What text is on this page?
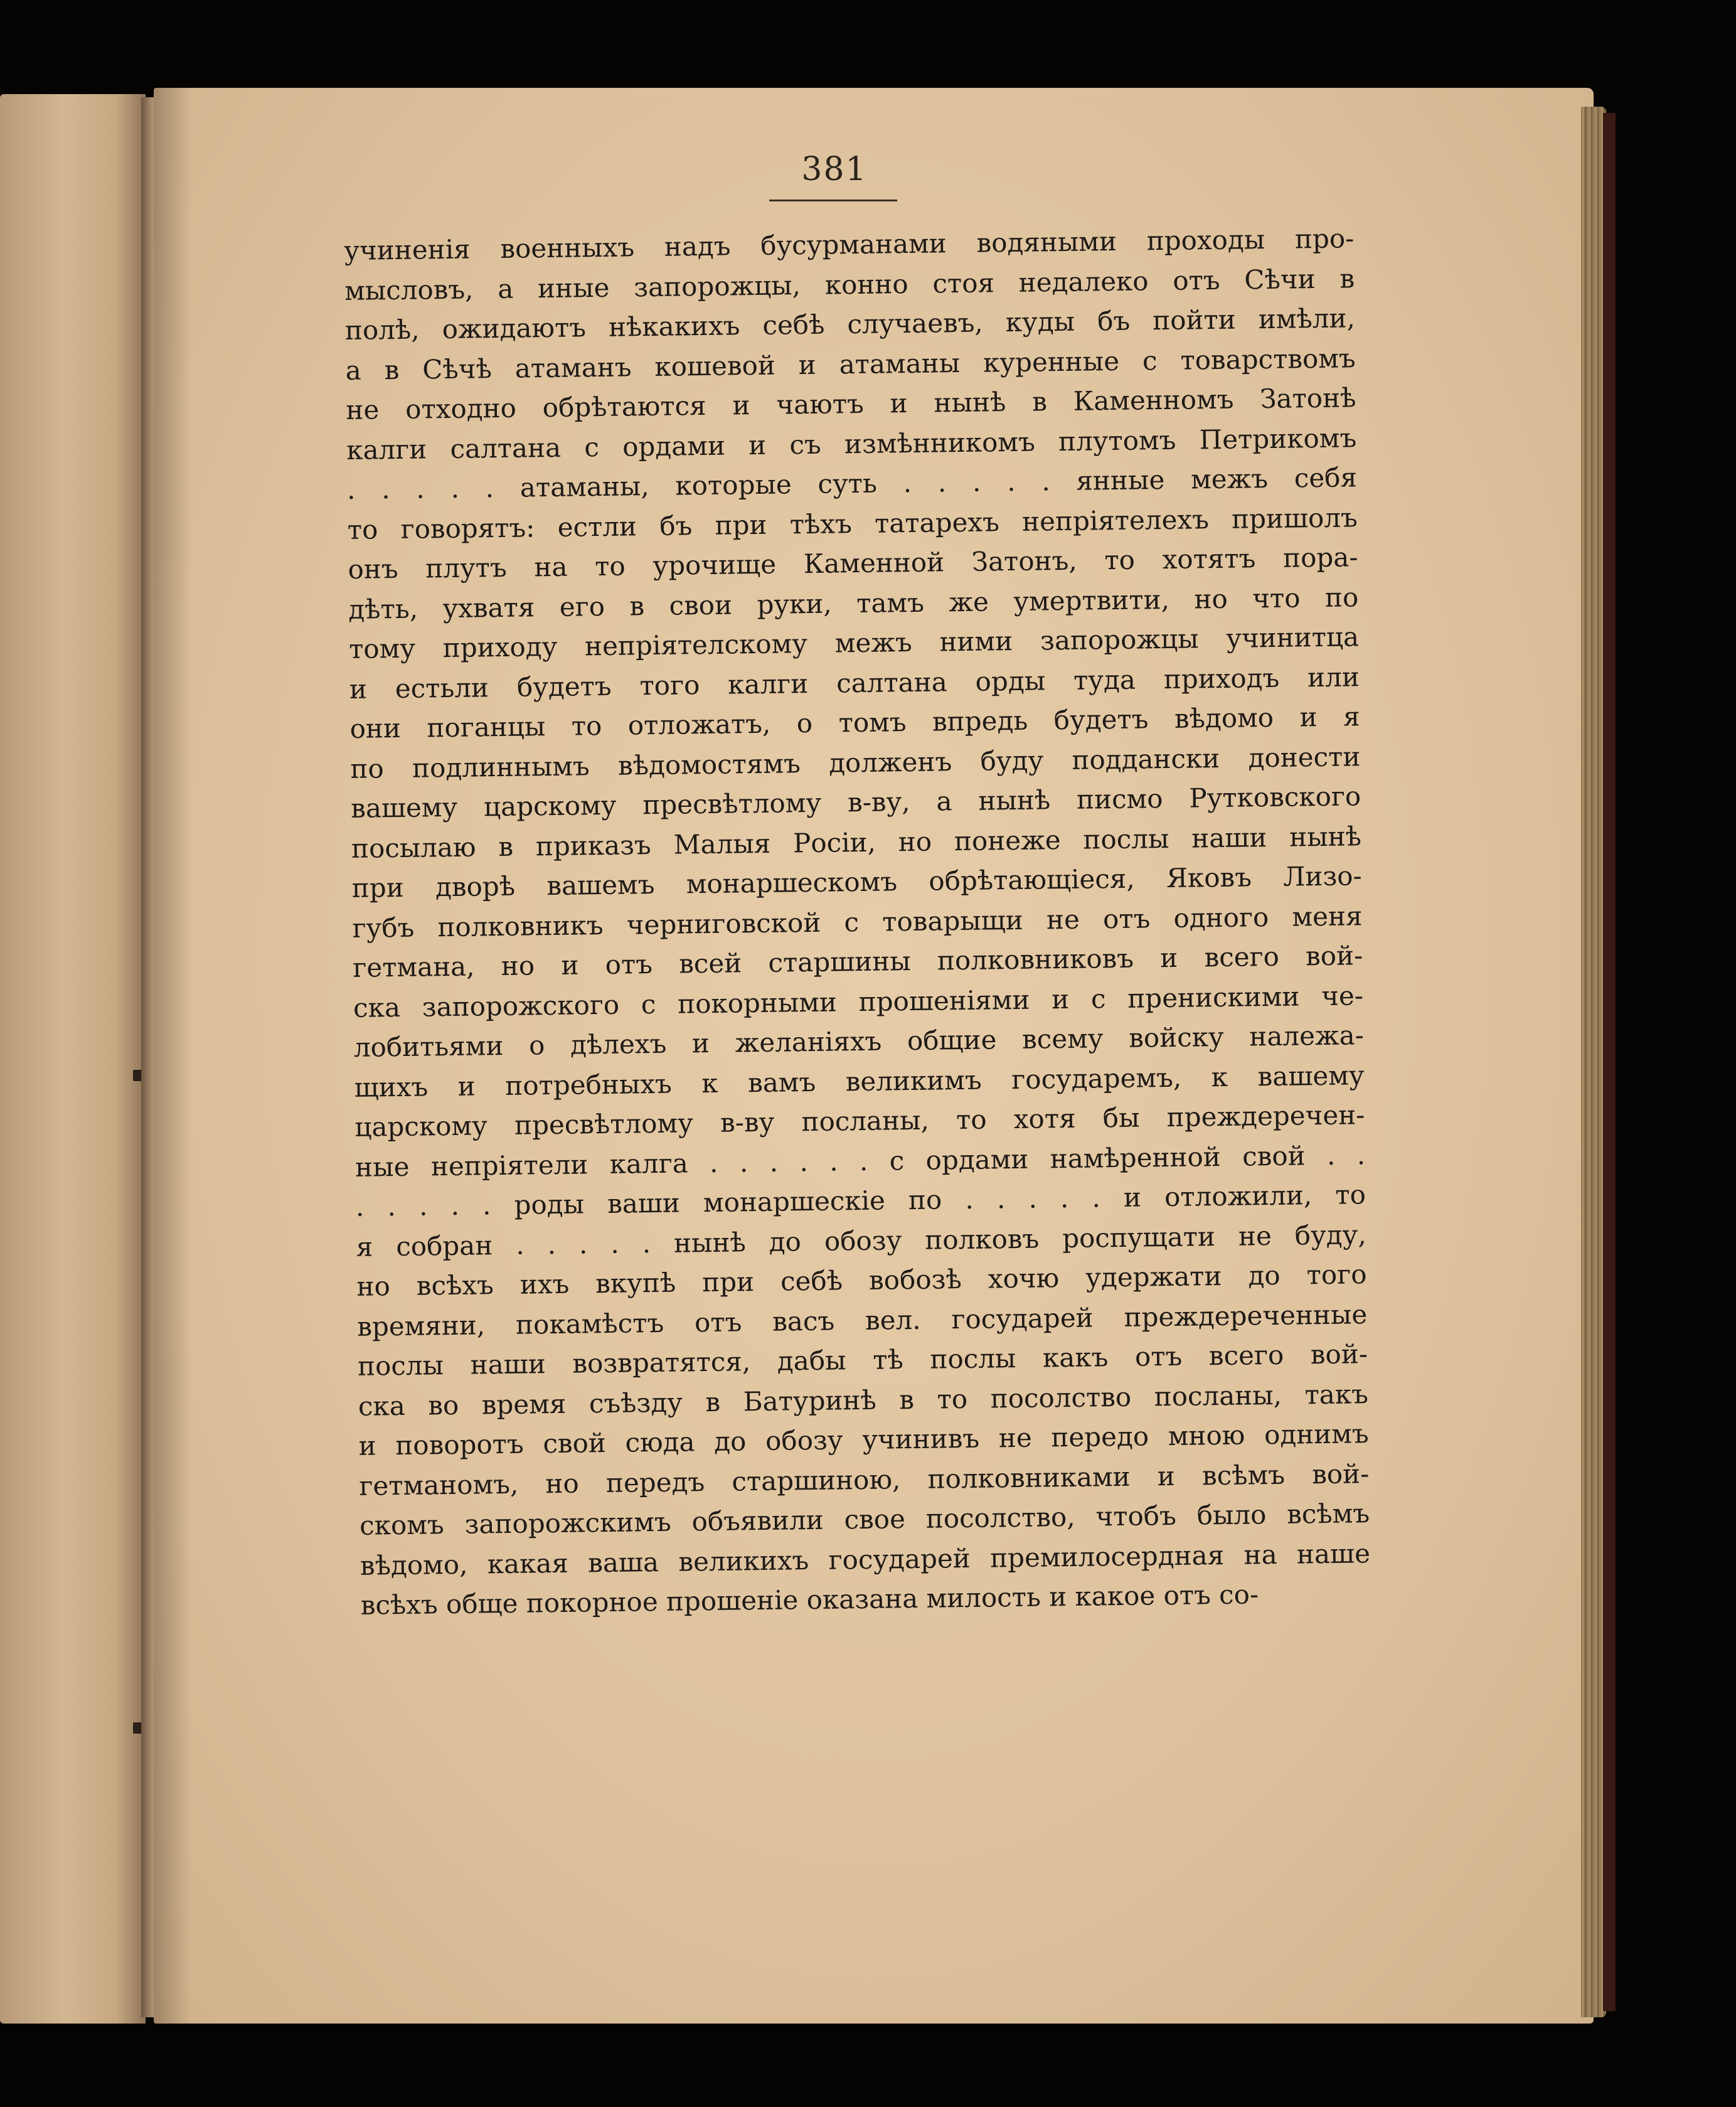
381
учиненія военныхъ надъ бусурманами водяными проходы про-
мысловъ, а иные запорожцы, конно стоя недалеко отъ Сѣчи в
полѣ, ожидаютъ нѣкакихъ себѣ случаевъ, куды бъ пойти имѣли,
а в Сѣчѣ атаманъ кошевой и атаманы куренные с товарствомъ
не отходно обрѣтаются и чаютъ и нынѣ в Каменномъ Затонѣ
калги салтана с ордами и съ измѣнникомъ плутомъ Петрикомъ
. . . . . атаманы, которые суть . . . . . янные межъ себя
то говорятъ: естли бъ при тѣхъ татарехъ непріятелехъ пришолъ
онъ плутъ на то урочище Каменной Затонъ, то хотятъ пора-
дѣть, ухватя его в свои руки, тамъ же умертвити, но что по
тому приходу непріятелскому межъ ними запорожцы учинитца
и естьли будетъ того калги салтана орды туда приходъ или
они поганцы то отложатъ, о томъ впредь будетъ вѣдомо и я
по подлиннымъ вѣдомостямъ долженъ буду поддански донести
вашему царскому пресвѣтлому в-ву, а нынѣ писмо Рутковского
посылаю в приказъ Малыя Росіи, но понеже послы наши нынѣ
при дворѣ вашемъ монаршескомъ обрѣтающіеся, Яковъ Лизо-
губъ полковникъ черниговской с товарыщи не отъ одного меня
гетмана, но и отъ всей старшины полковниковъ и всего вой-
ска запорожского с покорными прошеніями и с пренискими че-
лобитьями о дѣлехъ и желаніяхъ общие всему войску належа-
щихъ и потребныхъ к вамъ великимъ государемъ, к вашему
царскому пресвѣтлому в-ву посланы, то хотя бы преждеречен-
ные непріятели калга . . . . . . с ордами намѣренной свой . .
. . . . . роды ваши монаршескіе по . . . . . и отложили, то
я собран . . . . . нынѣ до обозу полковъ роспущати не буду,
но всѣхъ ихъ вкупѣ при себѣ вобозѣ хочю удержати до того
времяни, покамѣстъ отъ васъ вел. государей преждереченные
послы наши возвратятся, дабы тѣ послы какъ отъ всего вой-
ска во время съѣзду в Батуринѣ в то посолство посланы, такъ
и поворотъ свой сюда до обозу учинивъ не передо мною однимъ
гетманомъ, но передъ старшиною, полковниками и всѣмъ вой-
скомъ запорожскимъ объявили свое посолство, чтобъ было всѣмъ
вѣдомо, какая ваша великихъ государей премилосердная на наше
всѣхъ обще покорное прошеніе оказана милость и какое отъ со-
